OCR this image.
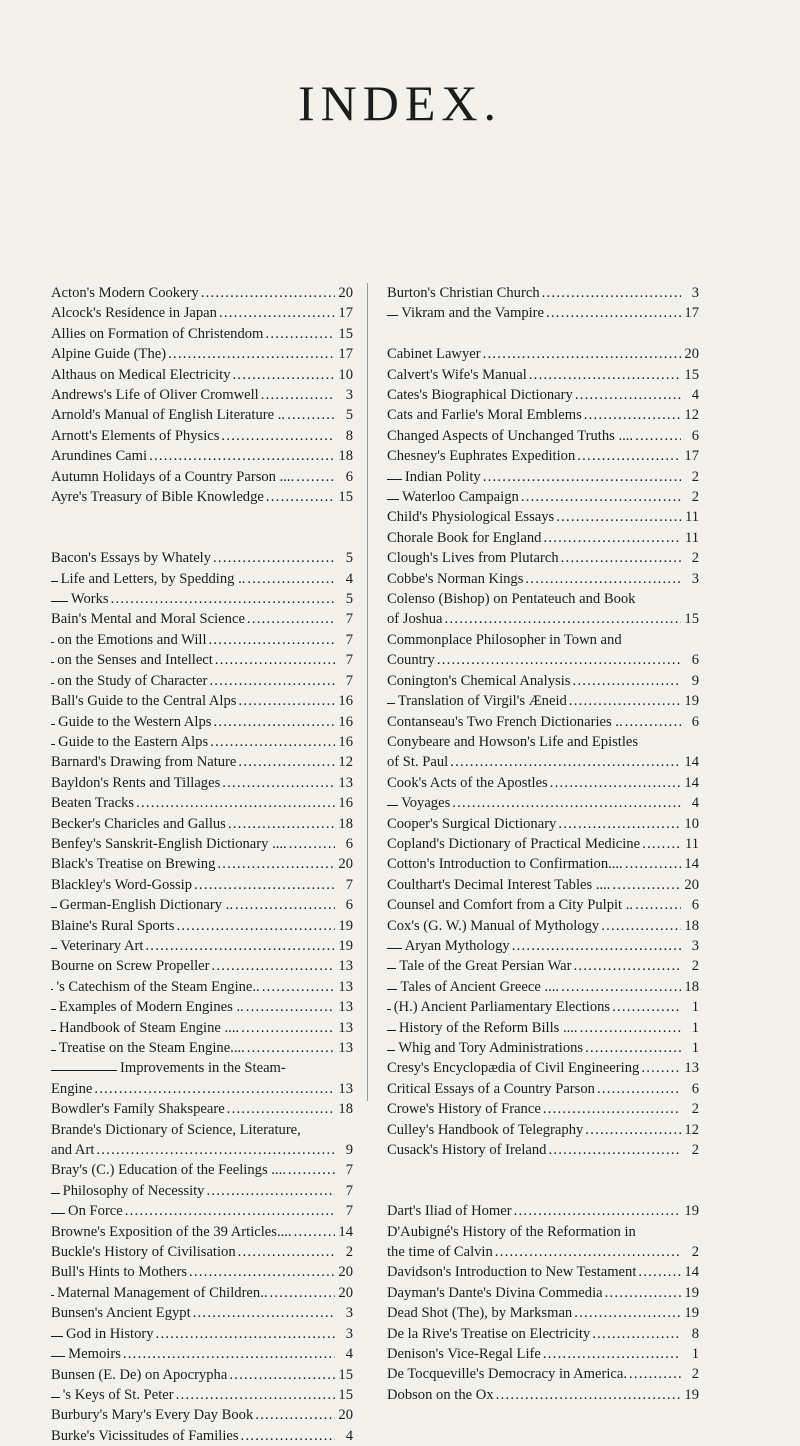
INDEX.
Acton's Modern Cookery . . .	20
Alcock's Residence in Japan . . .	17
Allies on Formation of Christendom . . .	15
Alpine Guide (The) . . .	17
Althaus on Medical Electricity . . .	10
Andrews's Life of Oliver Cromwell . . .	3
Arnold's Manual of English Literature .. . . .	5
Arnott's Elements of Physics . . .	8
Arundines Cami . . .	18
Autumn Holidays of a Country Parson .... . . .	6
Ayre's Treasury of Bible Knowledge . . .	15
Bacon's Essays by Whately . . .	5
Life and Letters, by Spedding .. . . .	4
Works . . .	5
Bain's Mental and Moral Science . . .	7
on the Emotions and Will . . .	7
on the Senses and Intellect . . .	7
on the Study of Character . . .	7
Ball's Guide to the Central Alps . . .	16
Guide to the Western Alps . . .	16
Guide to the Eastern Alps . . .	16
Barnard's Drawing from Nature . . .	12
Bayldon's Rents and Tillages . . .	13
Beaten Tracks . . .	16
Becker's Charicles and Gallus . . .	18
Benfey's Sanskrit-English Dictionary .... . . .	6
Black's Treatise on Brewing . . .	20
Blackley's Word-Gossip . . .	7
German-English Dictionary .. . . .	6
Blaine's Rural Sports . . .	19
Veterinary Art . . .	19
Bourne on Screw Propeller . . .	13
's Catechism of the Steam Engine.. . . .	13
Examples of Modern Engines .. . . .	13
Handbook of Steam Engine .... . . .	13
Treatise on the Steam Engine.... . . .	13
Improvements in the Steam-
Engine . . .	13
Bowdler's Family Shakspeare . . .	18
Brande's Dictionary of Science, Literature,
and Art . . .	9
Bray's (C.) Education of the Feelings .... . . .	7
Philosophy of Necessity . . .	7
On Force . . .	7
Browne's Exposition of the 39 Articles.... . . .	14
Buckle's History of Civilisation . . .	2
Bull's Hints to Mothers . . .	20
Maternal Management of Children.. . . .	20
Bunsen's Ancient Egypt . . .	3
God in History . . .	3
Memoirs . . .	4
Bunsen (E. De) on Apocrypha . . .	15
's Keys of St. Peter . . .	15
Burbury's Mary's Every Day Book . . .	20
Burke's Vicissitudes of Families . . .	4
Burton's Christian Church . . .	3
Vikram and the Vampire . . .	17
Cabinet Lawyer . . .	20
Calvert's Wife's Manual . . .	15
Cates's Biographical Dictionary . . .	4
Cats and Farlie's Moral Emblems . . .	12
Changed Aspects of Unchanged Truths .... . . .	6
Chesney's Euphrates Expedition . . .	17
Indian Polity . . .	2
Waterloo Campaign . . .	2
Child's Physiological Essays . . .	11
Chorale Book for England . . .	11
Clough's Lives from Plutarch . . .	2
Cobbe's Norman Kings . . .	3
Colenso (Bishop) on Pentateuch and Book
of Joshua . . .	15
Commonplace Philosopher in Town and
Country . . .	6
Conington's Chemical Analysis . . .	9
Translation of Virgil's Æneid . . .	19
Contanseau's Two French Dictionaries .. . . .	6
Conybeare and Howson's Life and Epistles
of St. Paul . . .	14
Cook's Acts of the Apostles . . .	14
Voyages . . .	4
Cooper's Surgical Dictionary . . .	10
Copland's Dictionary of Practical Medicine . . .	11
Cotton's Introduction to Confirmation.... . . .	14
Coulthart's Decimal Interest Tables .... . . .	20
Counsel and Comfort from a City Pulpit .. . . .	6
Cox's (G. W.) Manual of Mythology . . .	18
Aryan Mythology . . .	3
Tale of the Great Persian War . . .	2
Tales of Ancient Greece .... . . .	18
(H.) Ancient Parliamentary Elections . . .	1
History of the Reform Bills .... . . .	1
Whig and Tory Administrations . . .	1
Cresy's Encyclopædia of Civil Engineering . . .	13
Critical Essays of a Country Parson . . .	6
Crowe's History of France . . .	2
Culley's Handbook of Telegraphy . . .	12
Cusack's History of Ireland . . .	2
Dart's Iliad of Homer . . .	19
D'Aubigné's History of the Reformation in
the time of Calvin . . .	2
Davidson's Introduction to New Testament . . .	14
Dayman's Dante's Divina Commedia . . .	19
Dead Shot (The), by Marksman . . .	19
De la Rive's Treatise on Electricity . . .	8
Denison's Vice-Regal Life . . .	1
De Tocqueville's Democracy in America. . . .	2
Dobson on the Ox . . .	19
